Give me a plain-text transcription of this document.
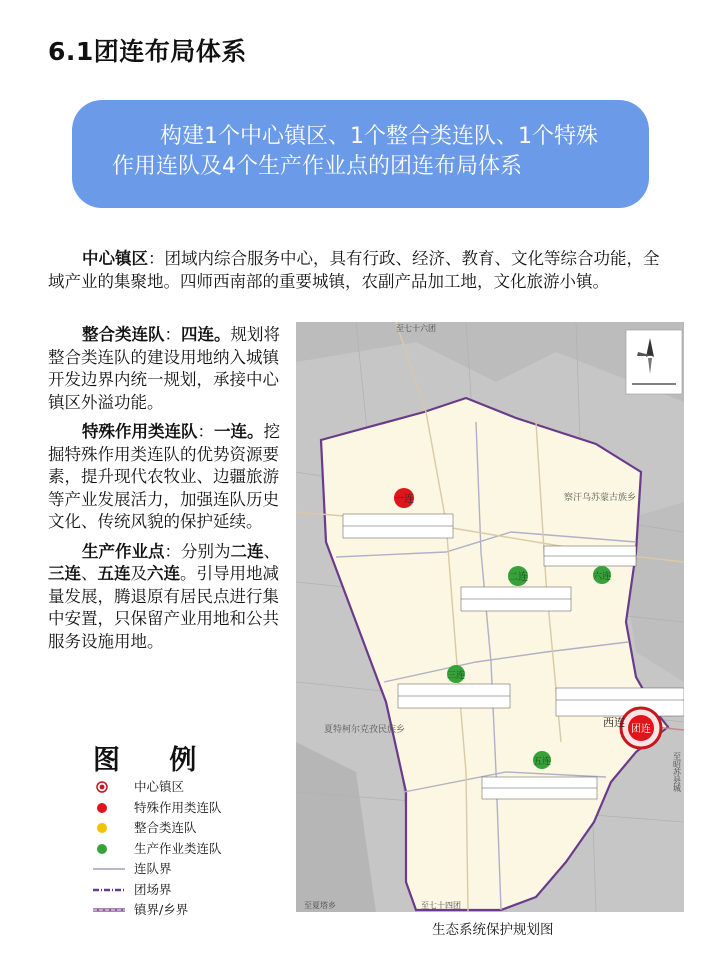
6.1团连布局体系
构建1个中心镇区、1个整合类连队、1个特殊
作用连队及4个生产作业点的团连布局体系
中心镇区：团域内综合服务中心，具有行政、经济、教育、文化等综合功能，全域产业的集聚地。四师西南部的重要城镇，农副产品加工地，文化旅游小镇。

整合类连队：四连。规划将整合类连队的建设用地纳入城镇开发边界内统一规划，承接中心镇区外溢功能。

特殊作用类连队：一连。挖掘特殊作用类连队的优势资源要素，提升现代农牧业、边疆旅游等产业发展活力，加强连队历史文化、传统风貌的保护延续。

生产作业点：分别为二连、三连、五连及六连。引导用地减量发展，腾退原有居民点进行集中安置，只保留产业用地和公共服务设施用地。

图 例
中心镇区
特殊作用类连队
整合类连队
生产作业类连队
连队界
团场界
镇界/乡界
一连
二连	六连
三连
五连
团连
西连
至七十六团
察汗乌苏蒙古族乡
夏特柯尔克孜民族乡
至七十四团
至夏塔乡
至昭苏县城
生态系统保护规划图
